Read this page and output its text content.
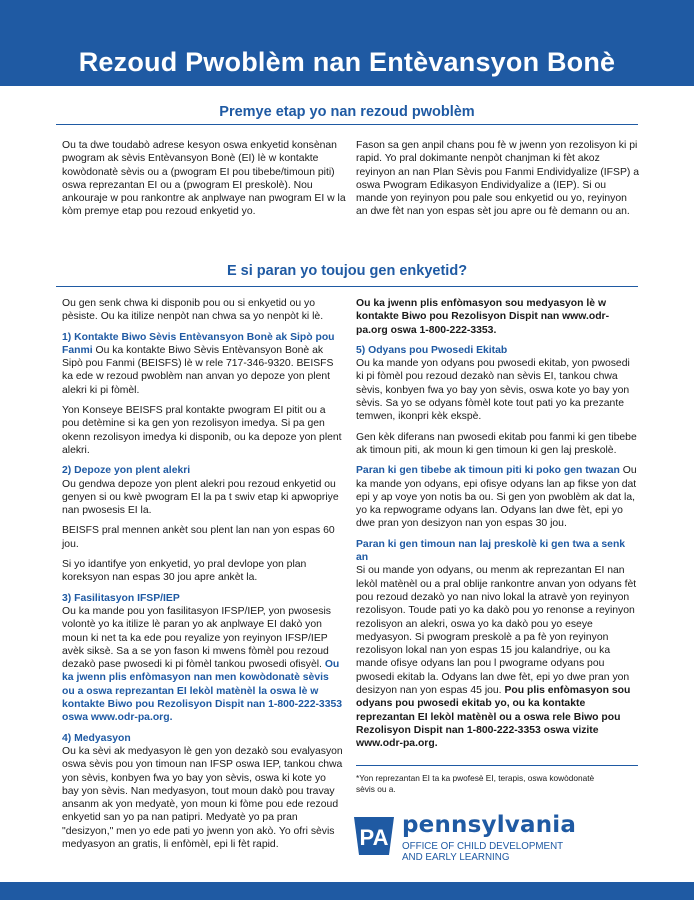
Rezoud Pwoblèm nan Entèvansyon Bonè
Premye etap yo nan rezoud pwoblèm

Ou ta dwe toudabò adrese kesyon oswa enkyetid konsènan pwogram ak sèvis Entèvansyon Bonè (EI) lè w kontakte kowòdonatè sèvis ou a (pwogram EI pou tibebe/timoun piti) oswa reprezantan EI ou a (pwogram EI preskolè). Nou ankouraje w pou rankontre ak anplwaye nan pwogram EI w la kòm premye etap pou rezoud enkyetid yo.

Fason sa gen anpil chans pou fè w jwenn yon rezolisyon ki pi rapid. Yo pral dokimante nenpòt chanjman ki fèt akoz reyinyon an nan Plan Sèvis pou Fanmi Endividyalize (IFSP) a oswa Pwogram Edikasyon Endividyalize a (IEP). Si ou mande yon reyinyon pou pale sou enkyetid ou yo, reyinyon an dwe fèt nan yon espas sèt jou apre ou fè demann ou an.

E si paran yo toujou gen enkyetid?

Ou gen senk chwa ki disponib pou ou si enkyetid ou yo pèsiste. Ou ka itilize nenpòt nan chwa sa yo nenpòt ki lè.

1) Kontakte Biwo Sèvis Entèvansyon Bonè ak Sipò pou Fanmi Ou ka kontakte Biwo Sèvis Entèvansyon Bonè ak Sipò pou Fanmi (BEISFS) lè w rele 717-346-9320. BEISFS ka ede w rezoud pwoblèm nan anvan yo depoze yon plent alekri ki pi fòmèl.

Yon Konseye BEISFS pral kontakte pwogram EI pitit ou a pou detèmine si ka gen yon rezolisyon imedya. Si pa gen okenn rezolisyon imedya ki disponib, ou ka depoze yon plent alekri.

2) Depoze yon plent alekri
Ou gendwa depoze yon plent alekri pou rezoud enkyetid ou genyen si ou kwè pwogram EI la pa t swiv etap ki apwopriye nan pwosesis EI la.

BEISFS pral mennen ankèt sou plent lan nan yon espas 60 jou.

Si yo idantifye yon enkyetid, yo pral devlope yon plan koreksyon nan espas 30 jou apre ankèt la.

3) Fasilitasyon IFSP/IEP
Ou ka mande pou yon fasilitasyon IFSP/IEP, yon pwosesis volontè yo ka itilize lè paran yo ak anplwaye EI dakò yon moun ki net ta ka ede pou reyalize yon reyinyon IFSP/IEP avèk siksè. Sa a se yon fason ki mwens fòmèl pou rezoud dezakò pase pwosedi ki pi fòmèl tankou pwosedi ofisyèl. Ou ka jwenn plis enfòmasyon nan men kowòdonatè sèvis ou a oswa reprezantan EI lekòl matènèl la oswa lè w kontakte Biwo pou Rezolisyon Dispit nan 1-800-222-3353 oswa www.odr-pa.org.

4) Medyasyon
Ou ka sèvi ak medyasyon lè gen yon dezakò sou evalyasyon oswa sèvis pou yon timoun nan IFSP oswa IEP, tankou chwa yon sèvis, konbyen fwa yo bay yon sèvis, oswa ki kote yo bay yon sèvis. Nan medyasyon, tout moun dakò pou travay ansanm ak yon medyatè, yon moun ki fòme pou ede rezoud enkyetid san yo pa nan patipri. Medyatè yo pa pran "desizyon," men yo ede pati yo jwenn yon akò. Yo ofri sèvis medyasyon an gratis, li enfòmèl, epi li fèt rapid.

Ou ka jwenn plis enfòmasyon sou medyasyon lè w kontakte Biwo pou Rezolisyon Dispit nan www.odr-pa.org oswa 1-800-222-3353.

5) Odyans pou Pwosedi Ekitab
Ou ka mande yon odyans pou pwosedi ekitab, yon pwosedi ki pi fòmèl pou rezoud dezakò nan sèvis EI, tankou chwa sèvis, konbyen fwa yo bay yon sèvis, oswa kote yo bay yon sèvis. Sa yo se odyans fòmèl kote tout pati yo ka prezante temwen, ikonpri kèk ekspè.

Gen kèk diferans nan pwosedi ekitab pou fanmi ki gen tibebe ak timoun piti, ak moun ki gen timoun ki gen laj preskolè.

Paran ki gen tibebe ak timoun piti ki poko gen twazan Ou ka mande yon odyans, epi ofisye odyans lan ap fikse yon dat epi y ap voye yon notis ba ou. Si gen yon pwoblèm ak dat la, yo ka repwograme odyans lan. Odyans lan dwe fèt, epi yo dwe pran yon desizyon nan yon espas 30 jou.

Paran ki gen timoun nan laj preskolè ki gen twa a senk an
Si ou mande yon odyans, ou menm ak reprezantan EI nan lekòl matènèl ou a pral oblije rankontre anvan yon odyans fèt pou rezoud dezakò yo nan nivo lokal la atravè yon reyinyon rezolisyon. Toude pati yo ka dakò pou yo renonse a reyinyon rezolisyon an alekri, oswa yo ka dakò pou yo eseye medyasyon. Si pwogram preskolè a pa fè yon reyinyon rezolisyon lokal nan yon espas 15 jou kalandriye, ou ka mande ofisye odyans lan pou l pwograme odyans pou pwosedi ekitab la. Odyans lan dwe fèt, epi yo dwe pran yon desizyon nan yon espas 45 jou. Pou plis enfòmasyon sou odyans pou pwosedi ekitab yo, ou ka kontakte reprezantan EI lekòl matènèl ou a oswa rele Biwo pou Rezolisyon Dispit nan 1-800-222-3353 oswa vizite www.odr-pa.org.

*Yon reprezantan EI ta ka pwofesè EI, terapis, oswa kowòdonatè sèvis ou a.
PA pennsylvania
OFFICE OF CHILD DEVELOPMENT
AND EARLY LEARNING
